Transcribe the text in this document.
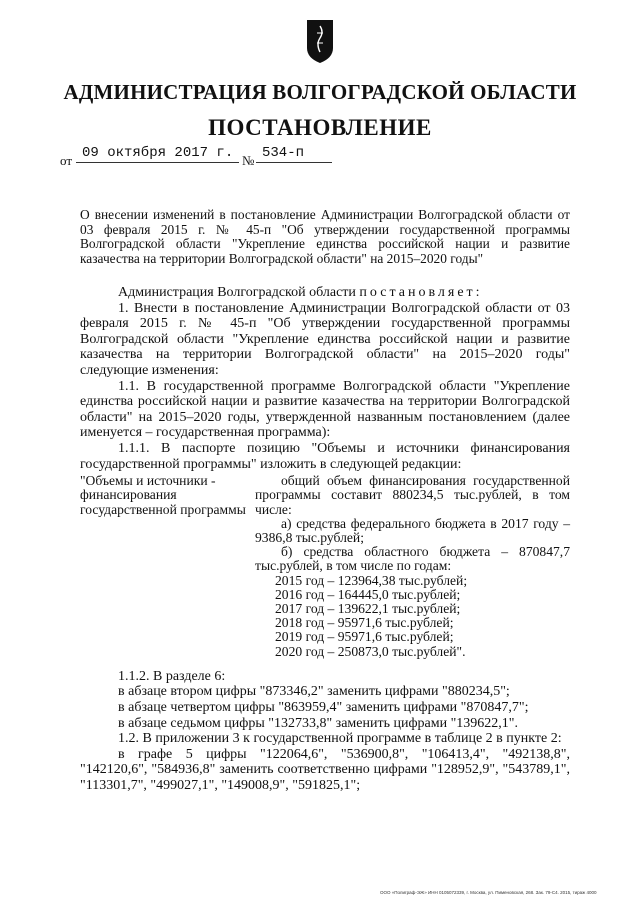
АДМИНИСТРАЦИЯ ВОЛГОГРАДСКОЙ ОБЛАСТИ
ПОСТАНОВЛЕНИЕ
от 09 октября 2017 г. № 534-п
О внесении изменений в постановление Администрации Волгоградской области от 03 февраля 2015 г. № 45-п "Об утверждении государственной программы Волгоградской области "Укрепление единства российской нации и развитие казачества на территории Волгоградской области" на 2015–2020 годы"

Администрация Волгоградской области постановляет:

1. Внести в постановление Администрации Волгоградской области от 03 февраля 2015 г. № 45-п "Об утверждении государственной программы Волгоградской области "Укрепление единства российской нации и развитие казачества на территории Волгоградской области" на 2015–2020 годы" следующие изменения:

1.1. В государственной программе Волгоградской области "Укрепление единства российской нации и развитие казачества на территории Волгоградской области" на 2015–2020 годы, утвержденной названным постановлением (далее именуется – государственная программа):

1.1.1. В паспорте позицию "Объемы и источники финансирования государственной программы" изложить в следующей редакции:

"Объемы и источники - финансирования государственной программы
общий объем финансирования государственной программы составит 880234,5 тыс.рублей, в том числе:
а) средства федерального бюджета в 2017 году – 9386,8 тыс.рублей;
б) средства областного бюджета – 870847,7 тыс.рублей, в том числе по годам:
2015 год – 123964,38 тыс.рублей;
2016 год – 164445,0 тыс.рублей;
2017 год – 139622,1 тыс.рублей;
2018 год – 95971,6 тыс.рублей;
2019 год – 95971,6 тыс.рублей;
2020 год – 250873,0 тыс.рублей".

1.1.2. В разделе 6:

в абзаце втором цифры "873346,2" заменить цифрами "880234,5";

в абзаце четвертом цифры "863959,4" заменить цифрами "870847,7";

в абзаце седьмом цифры "132733,8" заменить цифрами "139622,1".

1.2. В приложении 3 к государственной программе в таблице 2 в пункте 2:

в графе 5 цифры "122064,6", "536900,8", "106413,4", "492138,8", "142120,6", "584936,8" заменить соответственно цифрами "128952,9", "543789,1", "113301,7", "499027,1", "149008,9", "591825,1";

ООО «Полиграф-ЭЖ» ИНН 0105072339, г. Москва, ул. Пименовская, 268. Зак. 79-С4. 2015, тираж 4000
